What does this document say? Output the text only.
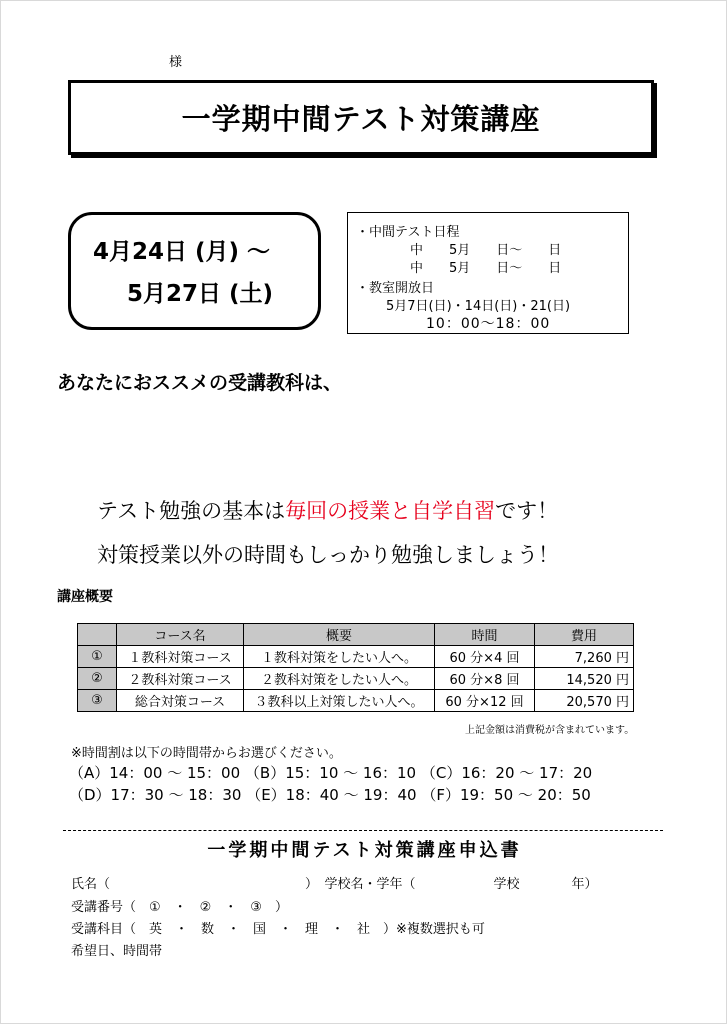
様
一学期中間テスト対策講座
4月24日 (月) ～
5月27日 (土)
・中間テスト日程
中　　5月　　日～　　日
中　　5月　　日～　　日
・教室開放日
5月7日(日)・14日(日)・21(日)
10：00～18：00
あなたにおススメの受講教科は、
テスト勉強の基本は毎回の授業と自学自習です！
対策授業以外の時間もしっかり勉強しましょう！
講座概要
	コース名	概要	時間	費用
①	１教科対策コース	１教科対策をしたい人へ。	60 分×4 回	7,260 円
②	２教科対策コース	２教科対策をしたい人へ。	60 分×8 回	14,520 円
③	総合対策コース	３教科以上対策したい人へ。	60 分×12 回	20,570 円
上記金額は消費税が含まれています。
※時間割は以下の時間帯からお選びください。
（A）14：00 ～ 15：00 （B）15：10 ～ 16：10 （C）16：20 ～ 17：20
（D）17：30 ～ 18：30 （E）18：40 ～ 19：40 （F）19：50 ～ 20：50
一学期中間テスト対策講座申込書
氏名（　　　　　　　　　　　　　　　）　学校名・学年（　　　　　　学校　　　　年）
受講番号（　①　・　②　・　③　）
受講科目（　英　・　数　・　国　・　理　・　社　）※複数選択も可
希望日、時間帯
